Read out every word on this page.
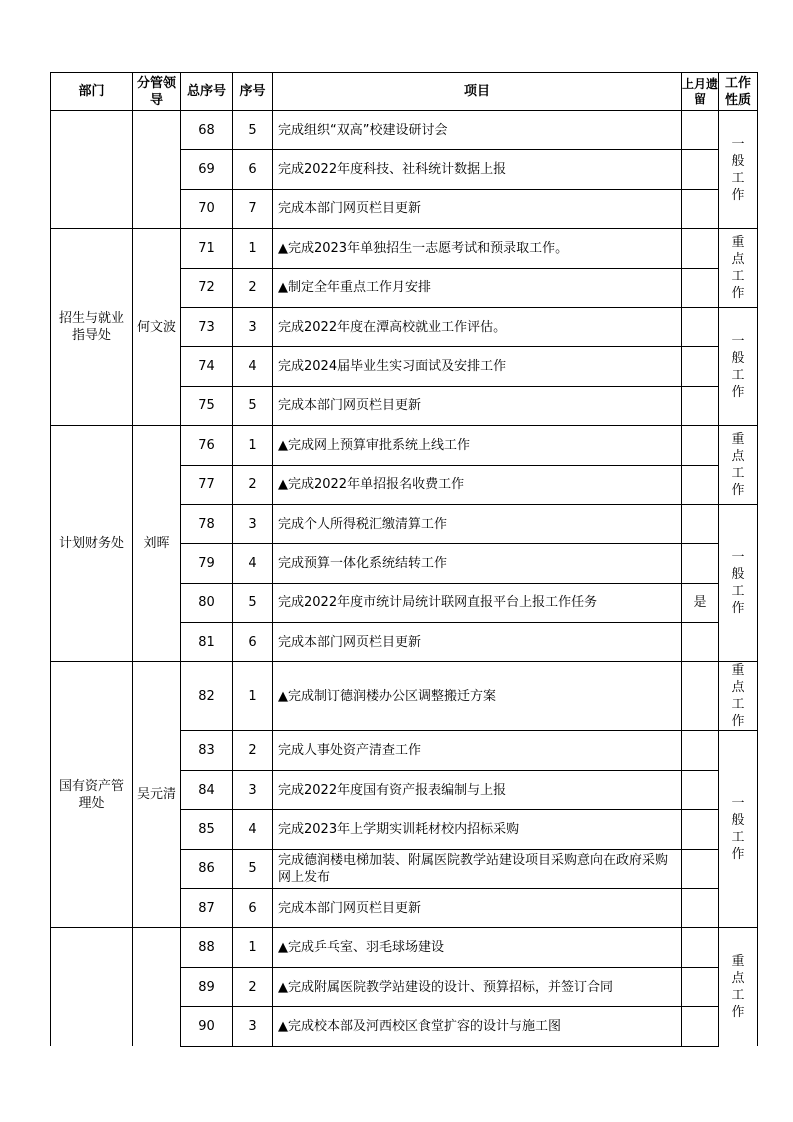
部门	分管领导	总序号	序号	项目	上月遗留	工作性质
		68	5	完成组织“双高”校建设研讨会		一般工作
		69	6	完成2022年度科技、社科统计数据上报		
		70	7	完成本部门网页栏目更新		
招生与就业指导处	何文波	71	1	▲完成2023年单独招生一志愿考试和预录取工作。		重点工作
		72	2	▲制定全年重点工作月安排		
		73	3	完成2022年度在潭高校就业工作评估。		一般工作
		74	4	完成2024届毕业生实习面试及安排工作		
		75	5	完成本部门网页栏目更新		
计划财务处	刘晖	76	1	▲完成网上预算审批系统上线工作		重点工作
		77	2	▲完成2022年单招报名收费工作		
		78	3	完成个人所得税汇缴清算工作		一般工作
		79	4	完成预算一体化系统结转工作		
		80	5	完成2022年度市统计局统计联网直报平台上报工作任务	是	
		81	6	完成本部门网页栏目更新		
国有资产管理处	吴元清	82	1	▲完成制订德润楼办公区调整搬迁方案		重点工作
		83	2	完成人事处资产清查工作		一般工作
		84	3	完成2022年度国有资产报表编制与上报		
		85	4	完成2023年上学期实训耗材校内招标采购		
		86	5	完成德润楼电梯加装、附属医院教学站建设项目采购意向在政府采购网上发布		
		87	6	完成本部门网页栏目更新		
		88	1	▲完成乒乓室、羽毛球场建设		重点工作
		89	2	▲完成附属医院教学站建设的设计、预算招标，并签订合同		
		90	3	▲完成校本部及河西校区食堂扩容的设计与施工图		
